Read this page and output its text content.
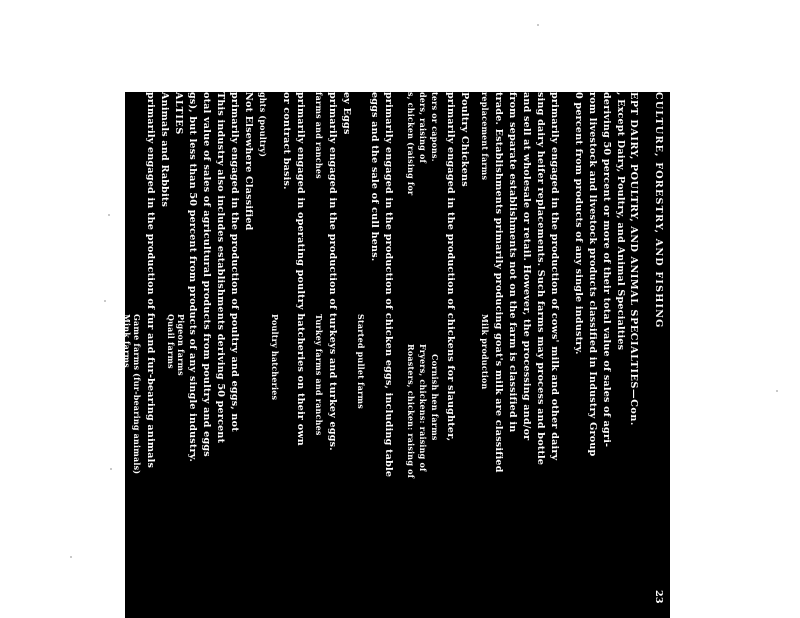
CULTURE, FORESTRY, AND FISHING
23
EPT DAIRY, POULTRY, AND ANIMAL SPECIALTIES—Con.
, Except Dairy, Poultry, and Animal Specialties
deriving 50 percent or more of their total value of sales of agri-
rom livestock and livestock products classified in Industry Group
0 percent from products of any single industry.
primarily engaged in the production of cows' milk and other dairy
sing dairy heifer replacements. Such farms may process and bottle
and sell at wholesale or retail. However, the processing and/or
from separate establishments not on the farm is classified in
trade. Establishments primarily producing goat's milk are classified
replacement farms
Milk production
Poultry Chickens
primarily engaged in the production of chickens for slaughter,
ters or capons.
Cornish hen farms
ders, raising of
Fryers, chickens: raising of
s, chicken (raising for
Roasters, chicken: raising of
primarily engaged in the production of chicken eggs, including table
eggs and the sale of cull hens.
Started pullet farms
ey Eggs
primarily engaged in the production of turkeys and turkey eggs.
farms and ranches
Turkey farms and ranches
primarily engaged in operating poultry hatcheries on their own
or contract basis.
Poultry hatcheries
ghts (poultry)
Not Elsewhere Classified
primarily engaged in the production of poultry and eggs, not
This industry also includes establishments deriving 50 percent
otal value of sales of agricultural products from poultry and eggs
gs), but less than 50 percent from products of any single industry.
Pigeon farms
Quail farms
ALTIES
Animals and Rabbits
primarily engaged in the production of fur and fur-bearing animals
Game farms (fur-bearing animals)
Mink farms
Rabbit farms
